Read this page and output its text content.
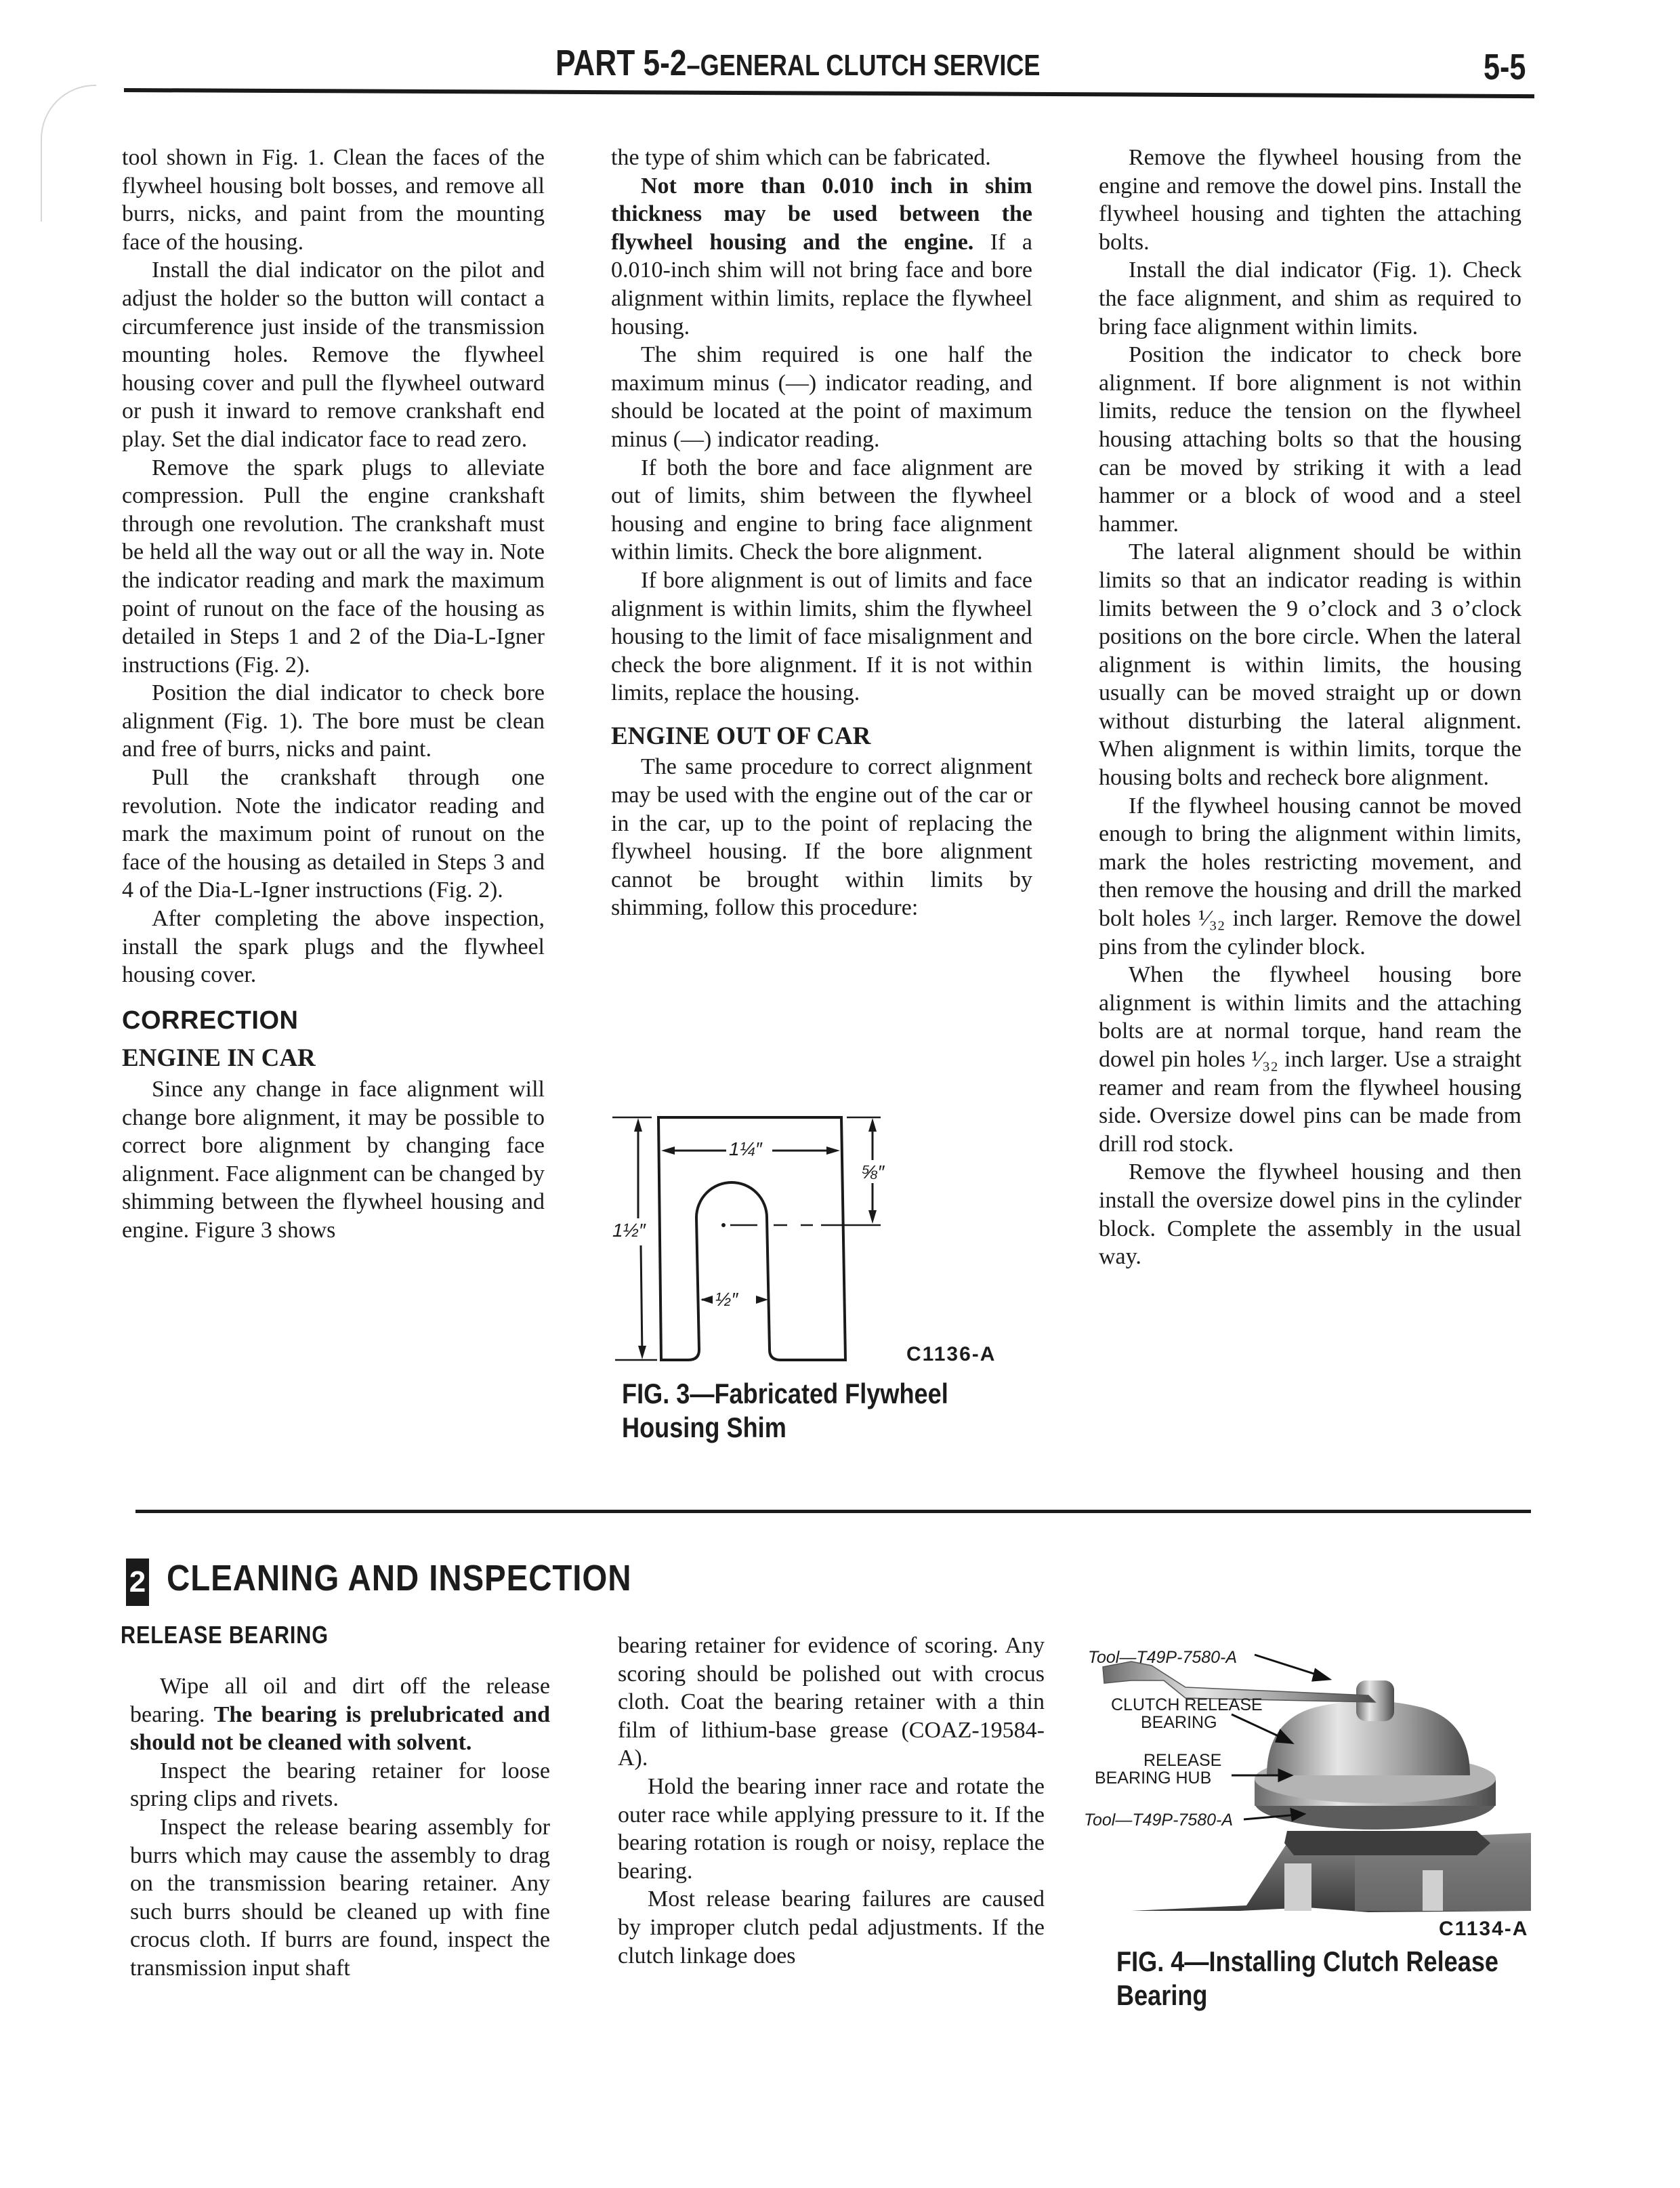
PART 5-2–GENERAL CLUTCH SERVICE	5-5

tool shown in Fig. 1. Clean the faces of the flywheel housing bolt bosses, and remove all burrs, nicks, and paint from the mounting face of the housing.

Install the dial indicator on the pilot and adjust the holder so the button will contact a circumference just inside of the transmission mounting holes. Remove the flywheel housing cover and pull the flywheel outward or push it inward to remove crankshaft end play. Set the dial indicator face to read zero.

Remove the spark plugs to alleviate compression. Pull the engine crankshaft through one revolution. The crankshaft must be held all the way out or all the way in. Note the indicator reading and mark the maximum point of runout on the face of the housing as detailed in Steps 1 and 2 of the Dia-L-Igner instructions (Fig. 2).

Position the dial indicator to check bore alignment (Fig. 1). The bore must be clean and free of burrs, nicks and paint.

Pull the crankshaft through one revolution. Note the indicator reading and mark the maximum point of runout on the face of the housing as detailed in Steps 3 and 4 of the Dia-L-Igner instructions (Fig. 2).

After completing the above inspection, install the spark plugs and the flywheel housing cover.

CORRECTION

ENGINE IN CAR

Since any change in face alignment will change bore alignment, it may be possible to correct bore alignment by changing face alignment. Face alignment can be changed by shimming between the flywheel housing and engine. Figure 3 shows

the type of shim which can be fabricated.

Not more than 0.010 inch in shim thickness may be used between the flywheel housing and the engine. If a 0.010-inch shim will not bring face and bore alignment within limits, replace the flywheel housing.

The shim required is one half the maximum minus (—) indicator reading, and should be located at the point of maximum minus (—) indicator reading.

If both the bore and face alignment are out of limits, shim between the flywheel housing and engine to bring face alignment within limits. Check the bore alignment.

If bore alignment is out of limits and face alignment is within limits, shim the flywheel housing to the limit of face misalignment and check the bore alignment. If it is not within limits, replace the housing.

ENGINE OUT OF CAR

The same procedure to correct alignment may be used with the engine out of the car or in the car, up to the point of replacing the flywheel housing. If the bore alignment cannot be brought within limits by shimming, follow this procedure:

1¼″
1½″
⅝″
½″
C1136-A
FIG. 3—Fabricated Flywheel
Housing Shim

Remove the flywheel housing from the engine and remove the dowel pins. Install the flywheel housing and tighten the attaching bolts.

Install the dial indicator (Fig. 1). Check the face alignment, and shim as required to bring face alignment within limits.

Position the indicator to check bore alignment. If bore alignment is not within limits, reduce the tension on the flywheel housing attaching bolts so that the housing can be moved by striking it with a lead hammer or a block of wood and a steel hammer.

The lateral alignment should be within limits so that an indicator reading is within limits between the 9 o’clock and 3 o’clock positions on the bore circle. When the lateral alignment is within limits, the housing usually can be moved straight up or down without disturbing the lateral alignment. When alignment is within limits, torque the housing bolts and recheck bore alignment.

If the flywheel housing cannot be moved enough to bring the alignment within limits, mark the holes restricting movement, and then remove the housing and drill the marked bolt holes ¹⁄₃₂ inch larger. Remove the dowel pins from the cylinder block.

When the flywheel housing bore alignment is within limits and the attaching bolts are at normal torque, hand ream the dowel pin holes ¹⁄₃₂ inch larger. Use a straight reamer and ream from the flywheel housing side. Oversize dowel pins can be made from drill rod stock.

Remove the flywheel housing and then install the oversize dowel pins in the cylinder block. Complete the assembly in the usual way.

2 CLEANING AND INSPECTION
RELEASE BEARING

Wipe all oil and dirt off the release bearing. The bearing is prelubricated and should not be cleaned with solvent.

Inspect the bearing retainer for loose spring clips and rivets.

Inspect the release bearing assembly for burrs which may cause the assembly to drag on the transmission bearing retainer. Any such burrs should be cleaned up with fine crocus cloth. If burrs are found, inspect the transmission input shaft

bearing retainer for evidence of scoring. Any scoring should be polished out with crocus cloth. Coat the bearing retainer with a thin film of lithium-base grease (COAZ-19584-A).

Hold the bearing inner race and rotate the outer race while applying pressure to it. If the bearing rotation is rough or noisy, replace the bearing.

Most release bearing failures are caused by improper clutch pedal adjustments. If the clutch linkage does

Tool—T49P-7580-A
CLUTCH RELEASE
BEARING
RELEASE
BEARING HUB
Tool—T49P-7580-A
C1134-A
FIG. 4—Installing Clutch Release
Bearing
